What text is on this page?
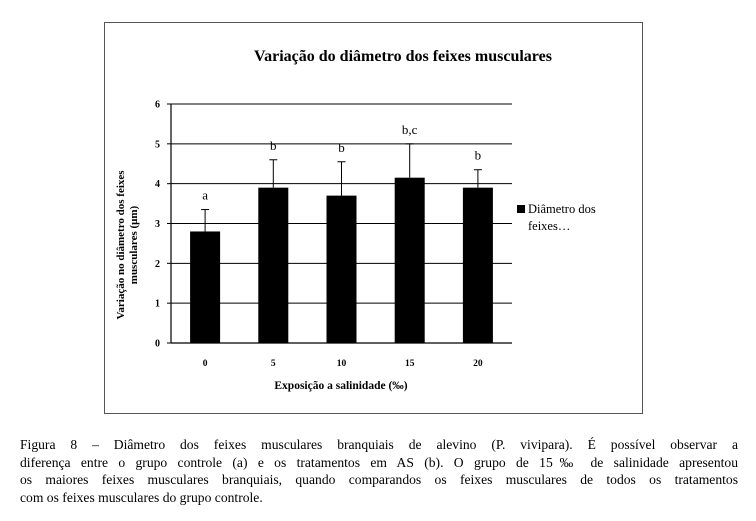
Variação do diâmetro dos feixes musculares
0
1
2
3
4
5
6
a
b	b
b,c
b
0	5	10	15	20
Exposição a salinidade (‰)
Variação no diâmetro dos feixes musculares (μm)	Diâmetro dos
feixes…
Figura 8 – Diâmetro dos feixes musculares branquiais de alevino (P. vivipara). É possível observar a
diferença entre o grupo controle (a) e os tratamentos em AS (b). O grupo de 15‰ de salinidade apresentou
os maiores feixes musculares branquiais, quando comparandos os feixes musculares de todos os tratamentos
com os feixes musculares do grupo controle.
